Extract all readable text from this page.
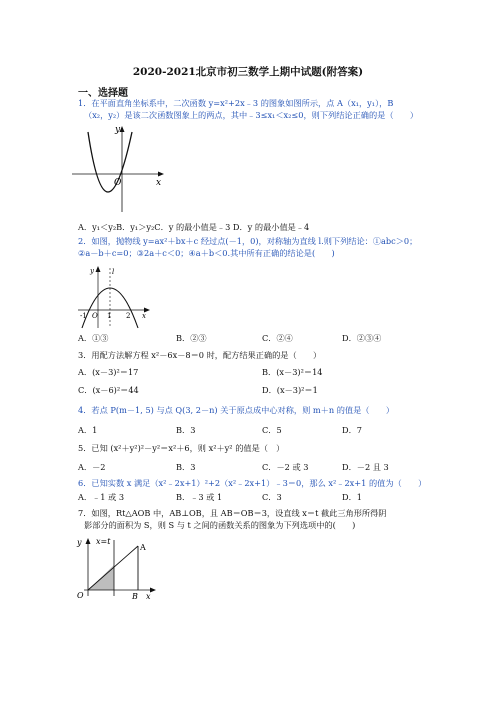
2020-2021北京市初三数学上期中试题(附答案)
一、选择题
1．在平面直角坐标系中，二次函数 y=x²+2x﹣3 的图象如图所示，点 A（x₁，y₁），B
（x₂，y₂）是该二次函数图象上的两点，其中﹣3≤x₁＜x₂≤0，则下列结论正确的是（　　）
y
O	x
A．y₁＜y₂B．y₁＞y₂C．y 的最小值是﹣3 D．y 的最小值是﹣4
2．如图，抛物线 y=ax²＋bx＋c 经过点(－1，0)，对称轴为直线 l.则下列结论：①abc＞0；
②a－b＋c=0；③2a＋c＜0；④a＋b＜0.其中所有正确的结论是(　　)
y	l
-1 O 1 2 x
A．①③	B．②③	C．②④	D．②③④
3．用配方法解方程 x²－6x－8＝0 时，配方结果正确的是（　　）
A．(x－3)²＝17	B．(x－3)²＝14
C．(x－6)²＝44	D．(x－3)²＝1
4．若点 P(m－1, 5) 与点 Q(3, 2－n) 关于原点成中心对称，则 m＋n 的值是（　　）
A．1	B．3	C．5	D．7
5．已知 (x²＋y²)²－y²＝x²＋6，则 x²＋y² 的值是（　）
A．－2	B．3	C．－2 或 3	D．－2 且 3
6．已知实数 x 满足（x²﹣2x+1）²+2（x²﹣2x+1）﹣3＝0，那么 x²﹣2x+1 的值为（　　）
A．﹣1 或 3	B．﹣3 或 1	C．3	D．1
7．如图，Rt△AOB 中，AB⊥OB，且 AB＝OB＝3，设直线 x＝t 截此三角形所得阴
影部分的面积为 S，则 S 与 t 之间的函数关系的图象为下列选项中的(　　)
y x=t
A
O	B x
